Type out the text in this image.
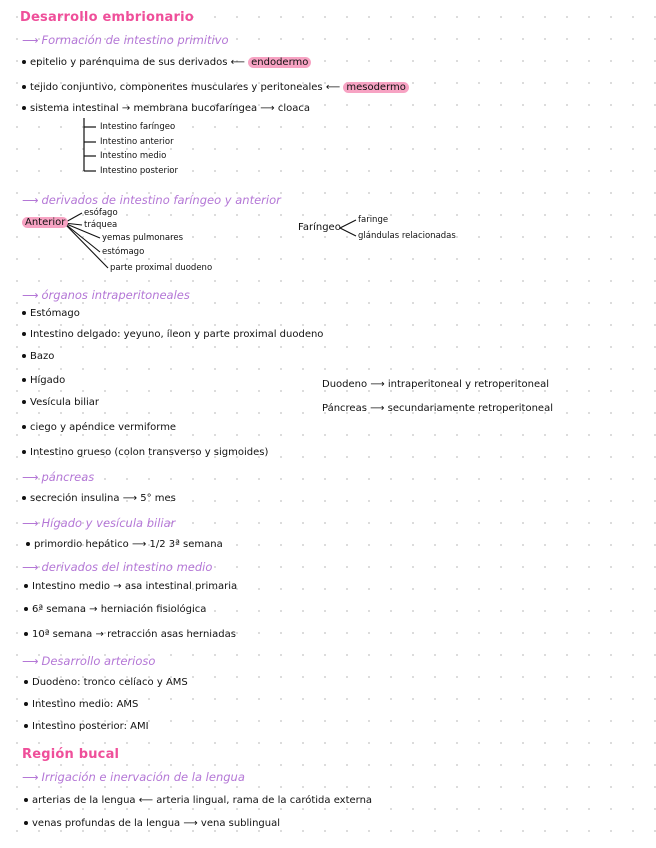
Desarrollo embrionario
⟶ Formación de intestino primitivo
epitelio y parénquima de sus derivados ⟵ endodermo
tejido conjuntivo, componentes musculares y peritoneales ⟵ mesodermo
sistema intestinal → membrana bucofaríngea ⟶ cloaca
Intestino faríngeo
Intestino anterior
Intestino medio
Intestino posterior
⟶ derivados de intestino faríngeo y anterior
Anterior
esófago
tráquea
yemas pulmonares
estómago
parte proximal duodeno
Faríngeo
faringe
glándulas relacionadas
⟶ órganos intraperitoneales
Estómago
Intestino delgado: yeyuno, íleon y parte proximal duodeno
Bazo
Hígado
Vesícula biliar
ciego y apéndice vermiforme
Intestino grueso (colon transverso y sigmoides)
Duodeno ⟶ intraperitoneal y retroperitoneal
Páncreas ⟶ secundariamente retroperitoneal
⟶ páncreas
secreción insulina ⟶ 5° mes
⟶ Hígado y vesícula biliar
primordio hepático ⟶ 1/2 3ª semana
⟶ derivados del intestino medio
Intestino medio → asa intestinal primaria
6ª semana → herniación fisiológica
10ª semana → retracción asas herniadas
⟶ Desarrollo arterioso
Duodeno: tronco celíaco y AMS
Intestino medio: AMS
Intestino posterior: AMI
Región bucal
⟶ Irrigación e inervación de la lengua
arterias de la lengua ⟵ arteria lingual, rama de la carótida externa
venas profundas de la lengua ⟶ vena sublingual
